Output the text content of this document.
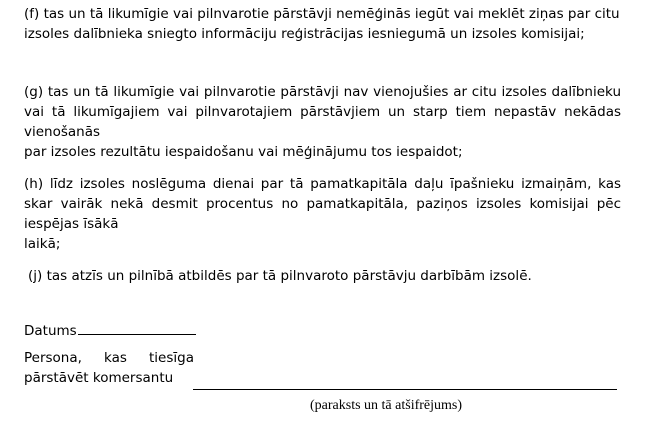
(f) tas un tā likumīgie vai pilnvarotie pārstāvji nemēģinās iegūt vai meklēt ziņas par citu
izsoles dalībnieka sniegto informāciju reģistrācijas iesniegumā un izsoles komisijai;

(g) tas un tā likumīgie vai pilnvarotie pārstāvji nav vienojušies ar citu izsoles dalībnieku vai tā likumīgajiem vai pilnvarotajiem pārstāvjiem un starp tiem nepastāv nekādas vienošanās
par izsoles rezultātu iespaidošanu vai mēģinājumu tos iespaidot;

(h) līdz izsoles noslēguma dienai par tā pamatkapitāla daļu īpašnieku izmaiņām, kas skar vairāk nekā desmit procentus no pamatkapitāla, paziņos izsoles komisijai pēc iespējas īsākā
laikā;

(j) tas atzīs un pilnībā atbildēs par tā pilnvaroto pārstāvju darbībām izsolē.

Datums

Persona, kas tiesīga
pārstāvēt komersantu

(paraksts un tā atšifrējums)
